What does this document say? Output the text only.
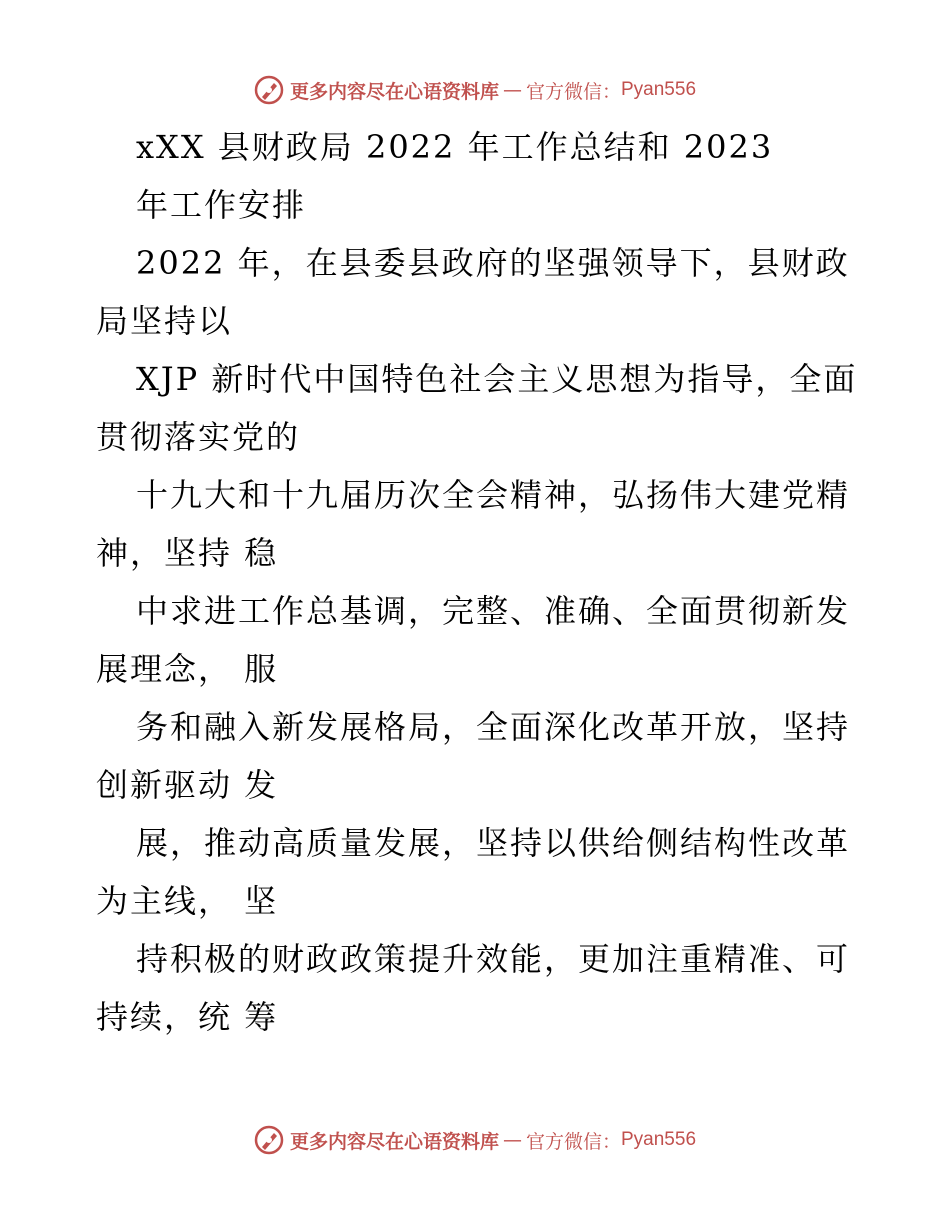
更多内容尽在心语资料库 — 官方微信： Pyan556
xXX 县财政局 2022 年工作总结和 2023
年工作安排
2022 年，在县委县政府的坚强领导下，县财政
局坚持以
XJP 新时代中国特色社会主义思想为指导，全面
贯彻落实党的
十九大和十九届历次全会精神，弘扬伟大建党精
神，坚持 稳
中求进工作总基调，完整、准确、全面贯彻新发
展理念， 服
务和融入新发展格局，全面深化改革开放，坚持
创新驱动 发
展，推动高质量发展，坚持以供给侧结构性改革
为主线， 坚
持积极的财政政策提升效能，更加注重精准、可
持续，统 筹
更多内容尽在心语资料库 — 官方微信： Pyan556
